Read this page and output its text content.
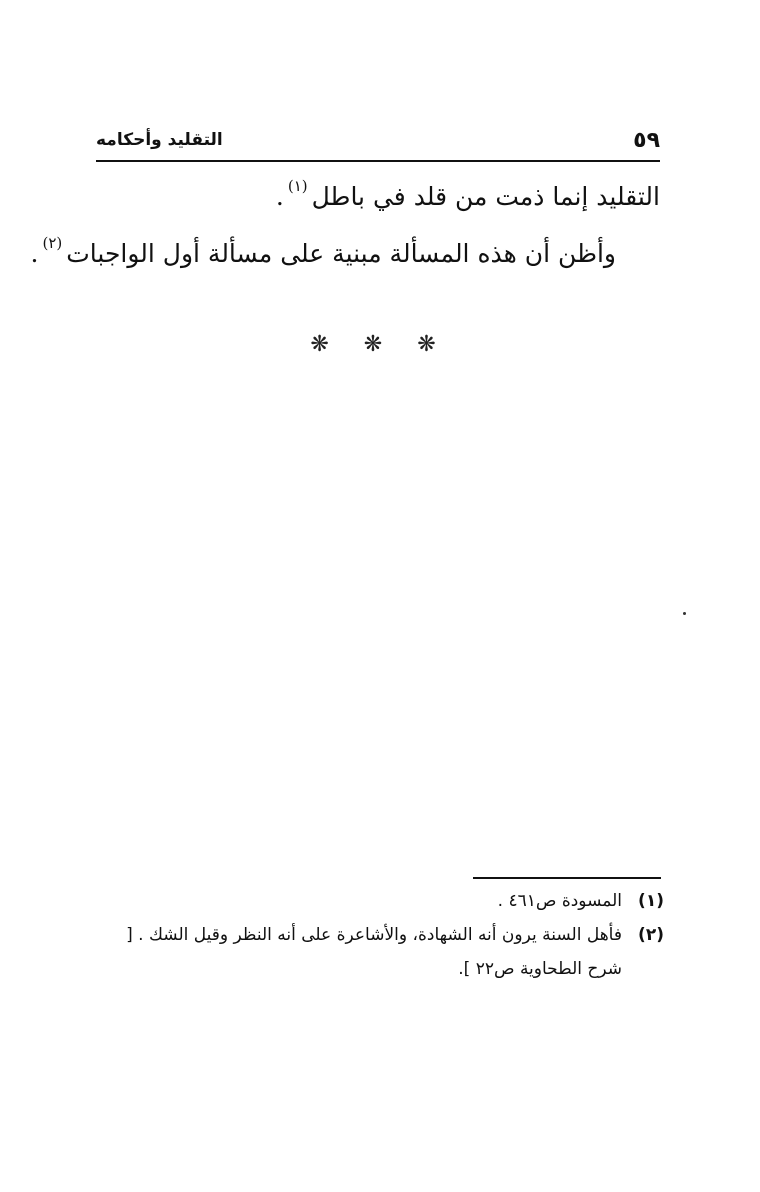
٥٩
التقليد وأحكامه

التقليد إنما ذمت من قلد في باطل$^{(١)}$.

وأظن أن هذه المسألة مبنية على مسألة أول الواجبات$^{(٢)}$.

❋ ❋ ❋
(١)
المسودة ص٤٦١ .
(٢)
فأهل السنة يرون أنه الشهادة، والأشاعرة على أنه النظر وقيل الشك . [ شرح الطحاوية ص٢٢ ].
